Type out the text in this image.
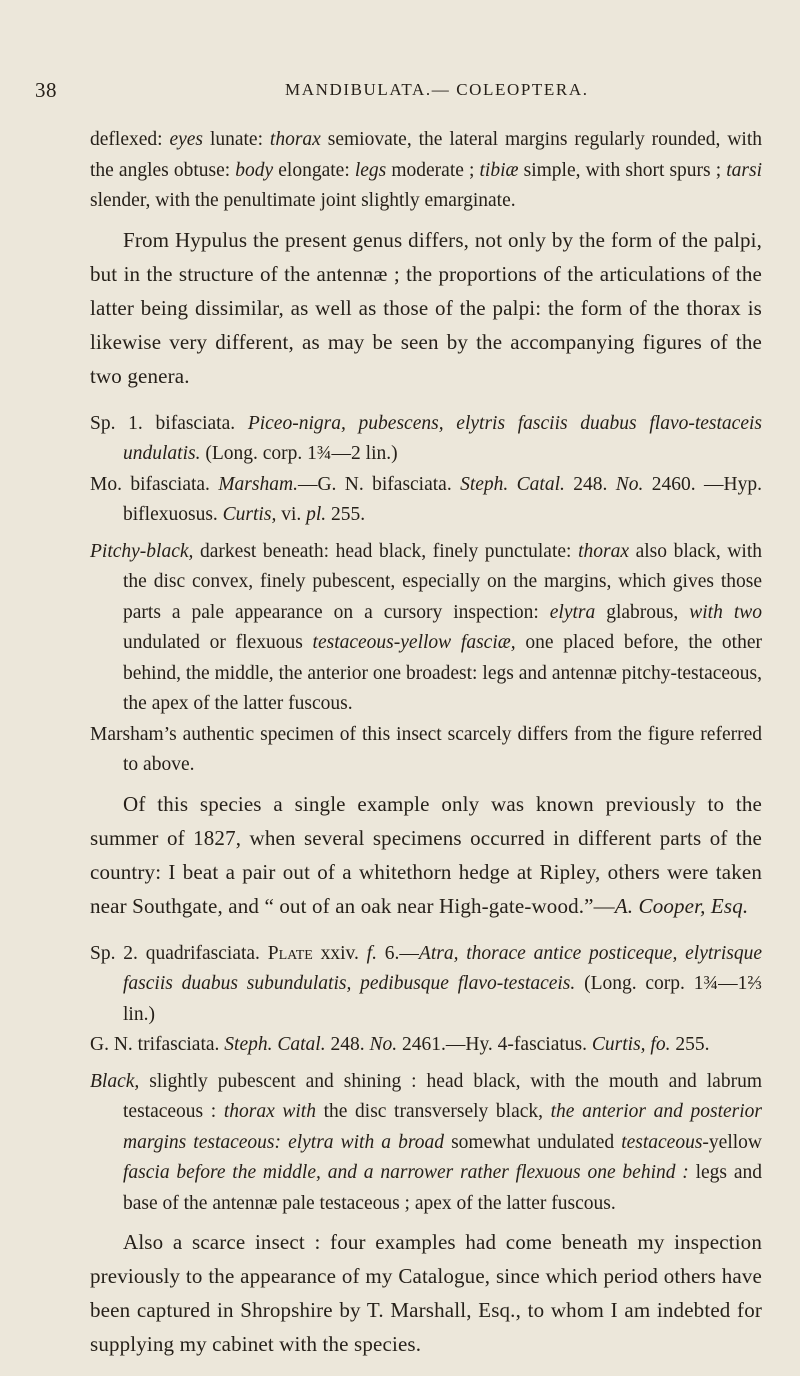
38	MANDIBULATA.— COLEOPTERA.

deflexed: eyes lunate: thorax semiovate, the lateral margins regularly rounded, with the angles obtuse: body elongate: legs moderate ; tibiæ simple, with short spurs ; tarsi slender, with the penultimate joint slightly emarginate.

From Hypulus the present genus differs, not only by the form of the palpi, but in the structure of the antennæ ; the proportions of the articulations of the latter being dissimilar, as well as those of the palpi: the form of the thorax is likewise very different, as may be seen by the accompanying figures of the two genera.

Sp. 1. bifasciata. Piceo-nigra, pubescens, elytris fasciis duabus flavo-testaceis undulatis. (Long. corp. 1¾—2 lin.)

Mo. bifasciata. Marsham.—G. N. bifasciata. Steph. Catal. 248. No. 2460. —Hyp. biflexuosus. Curtis, vi. pl. 255.

Pitchy-black, darkest beneath: head black, finely punctulate: thorax also black, with the disc convex, finely pubescent, especially on the margins, which gives those parts a pale appearance on a cursory inspection: elytra glabrous, with two undulated or flexuous testaceous-yellow fasciæ, one placed before, the other behind, the middle, the anterior one broadest: legs and antennæ pitchy-testaceous, the apex of the latter fuscous.

Marsham’s authentic specimen of this insect scarcely differs from the figure referred to above.

Of this species a single example only was known previously to the summer of 1827, when several specimens occurred in different parts of the country: I beat a pair out of a whitethorn hedge at Ripley, others were taken near Southgate, and “ out of an oak near High-gate-wood.”—A. Cooper, Esq.

Sp. 2. quadrifasciata. Plate xxiv. f. 6.—Atra, thorace antice posticeque, elytrisque fasciis duabus subundulatis, pedibusque flavo-testaceis. (Long. corp. 1¾—1⅔ lin.)

G. N. trifasciata. Steph. Catal. 248. No. 2461.—Hy. 4-fasciatus. Curtis, fo. 255.

Black, slightly pubescent and shining : head black, with the mouth and labrum testaceous : thorax with the disc transversely black, the anterior and posterior margins testaceous: elytra with a broad somewhat undulated testaceous-yellow fascia before the middle, and a narrower rather flexuous one behind : legs and base of the antennæ pale testaceous ; apex of the latter fuscous.

Also a scarce insect : four examples had come beneath my inspection previously to the appearance of my Catalogue, since which period others have been captured in Shropshire by T. Marshall, Esq., to whom I am indebted for supplying my cabinet with the species.
